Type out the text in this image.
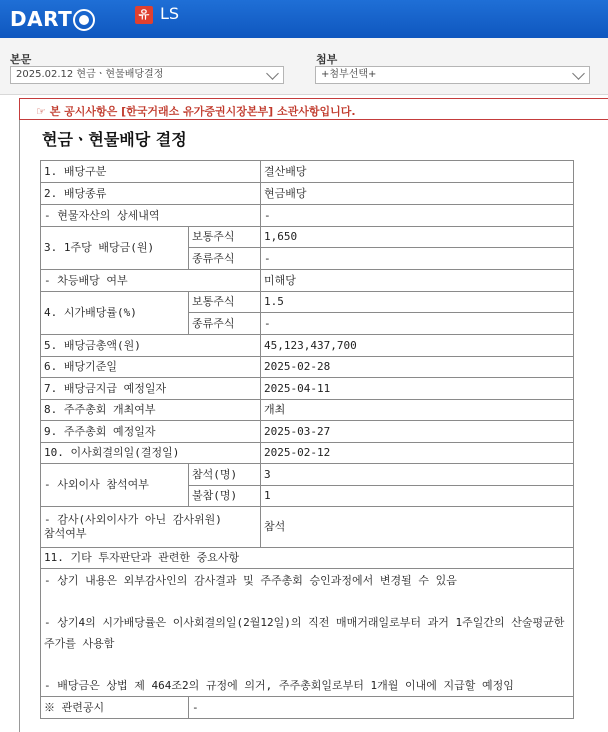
DART	유 LS
본문
2025.02.12 현금ㆍ현물배당결정
첨부
+첨부선택+
☞ 본 공시사항은 [한국거래소 유가증권시장본부] 소관사항입니다.
현금ㆍ현물배당 결정
1. 배당구분		결산배당
2. 배당종류		현금배당
- 현물자산의 상세내역		-
3. 1주당 배당금(원)	보통주식	1,650
	종류주식	-
- 차등배당 여부		미해당
4. 시가배당률(%)	보통주식	1.5
	종류주식	-
5. 배당금총액(원)		45,123,437,700
6. 배당기준일		2025-02-28
7. 배당금지급 예정일자		2025-04-11
8. 주주총회 개최여부		개최
9. 주주총회 예정일자		2025-03-27
10. 이사회결의일(결정일)		2025-02-12
- 사외이사 참석여부	참석(명)	3
	불참(명)	1
- 감사(사외이사가 아닌 감사위원) 참석여부		참석
11. 기타 투자판단과 관련한 중요사항		

- 상기 내용은 외부감사인의 감사결과 및 주주총회 승인과정에서 변경될 수 있음
- 상기4의 시가배당률은 이사회결의일(2월12일)의 직전 매매거래일로부터 과거 1주일간의 산술평균한 주가를 사용함
- 배당금은 상법 제 464조2의 규정에 의거, 주주총회일로부터 1개월 이내에 지급할 예정임		

※ 관련공시	-	
